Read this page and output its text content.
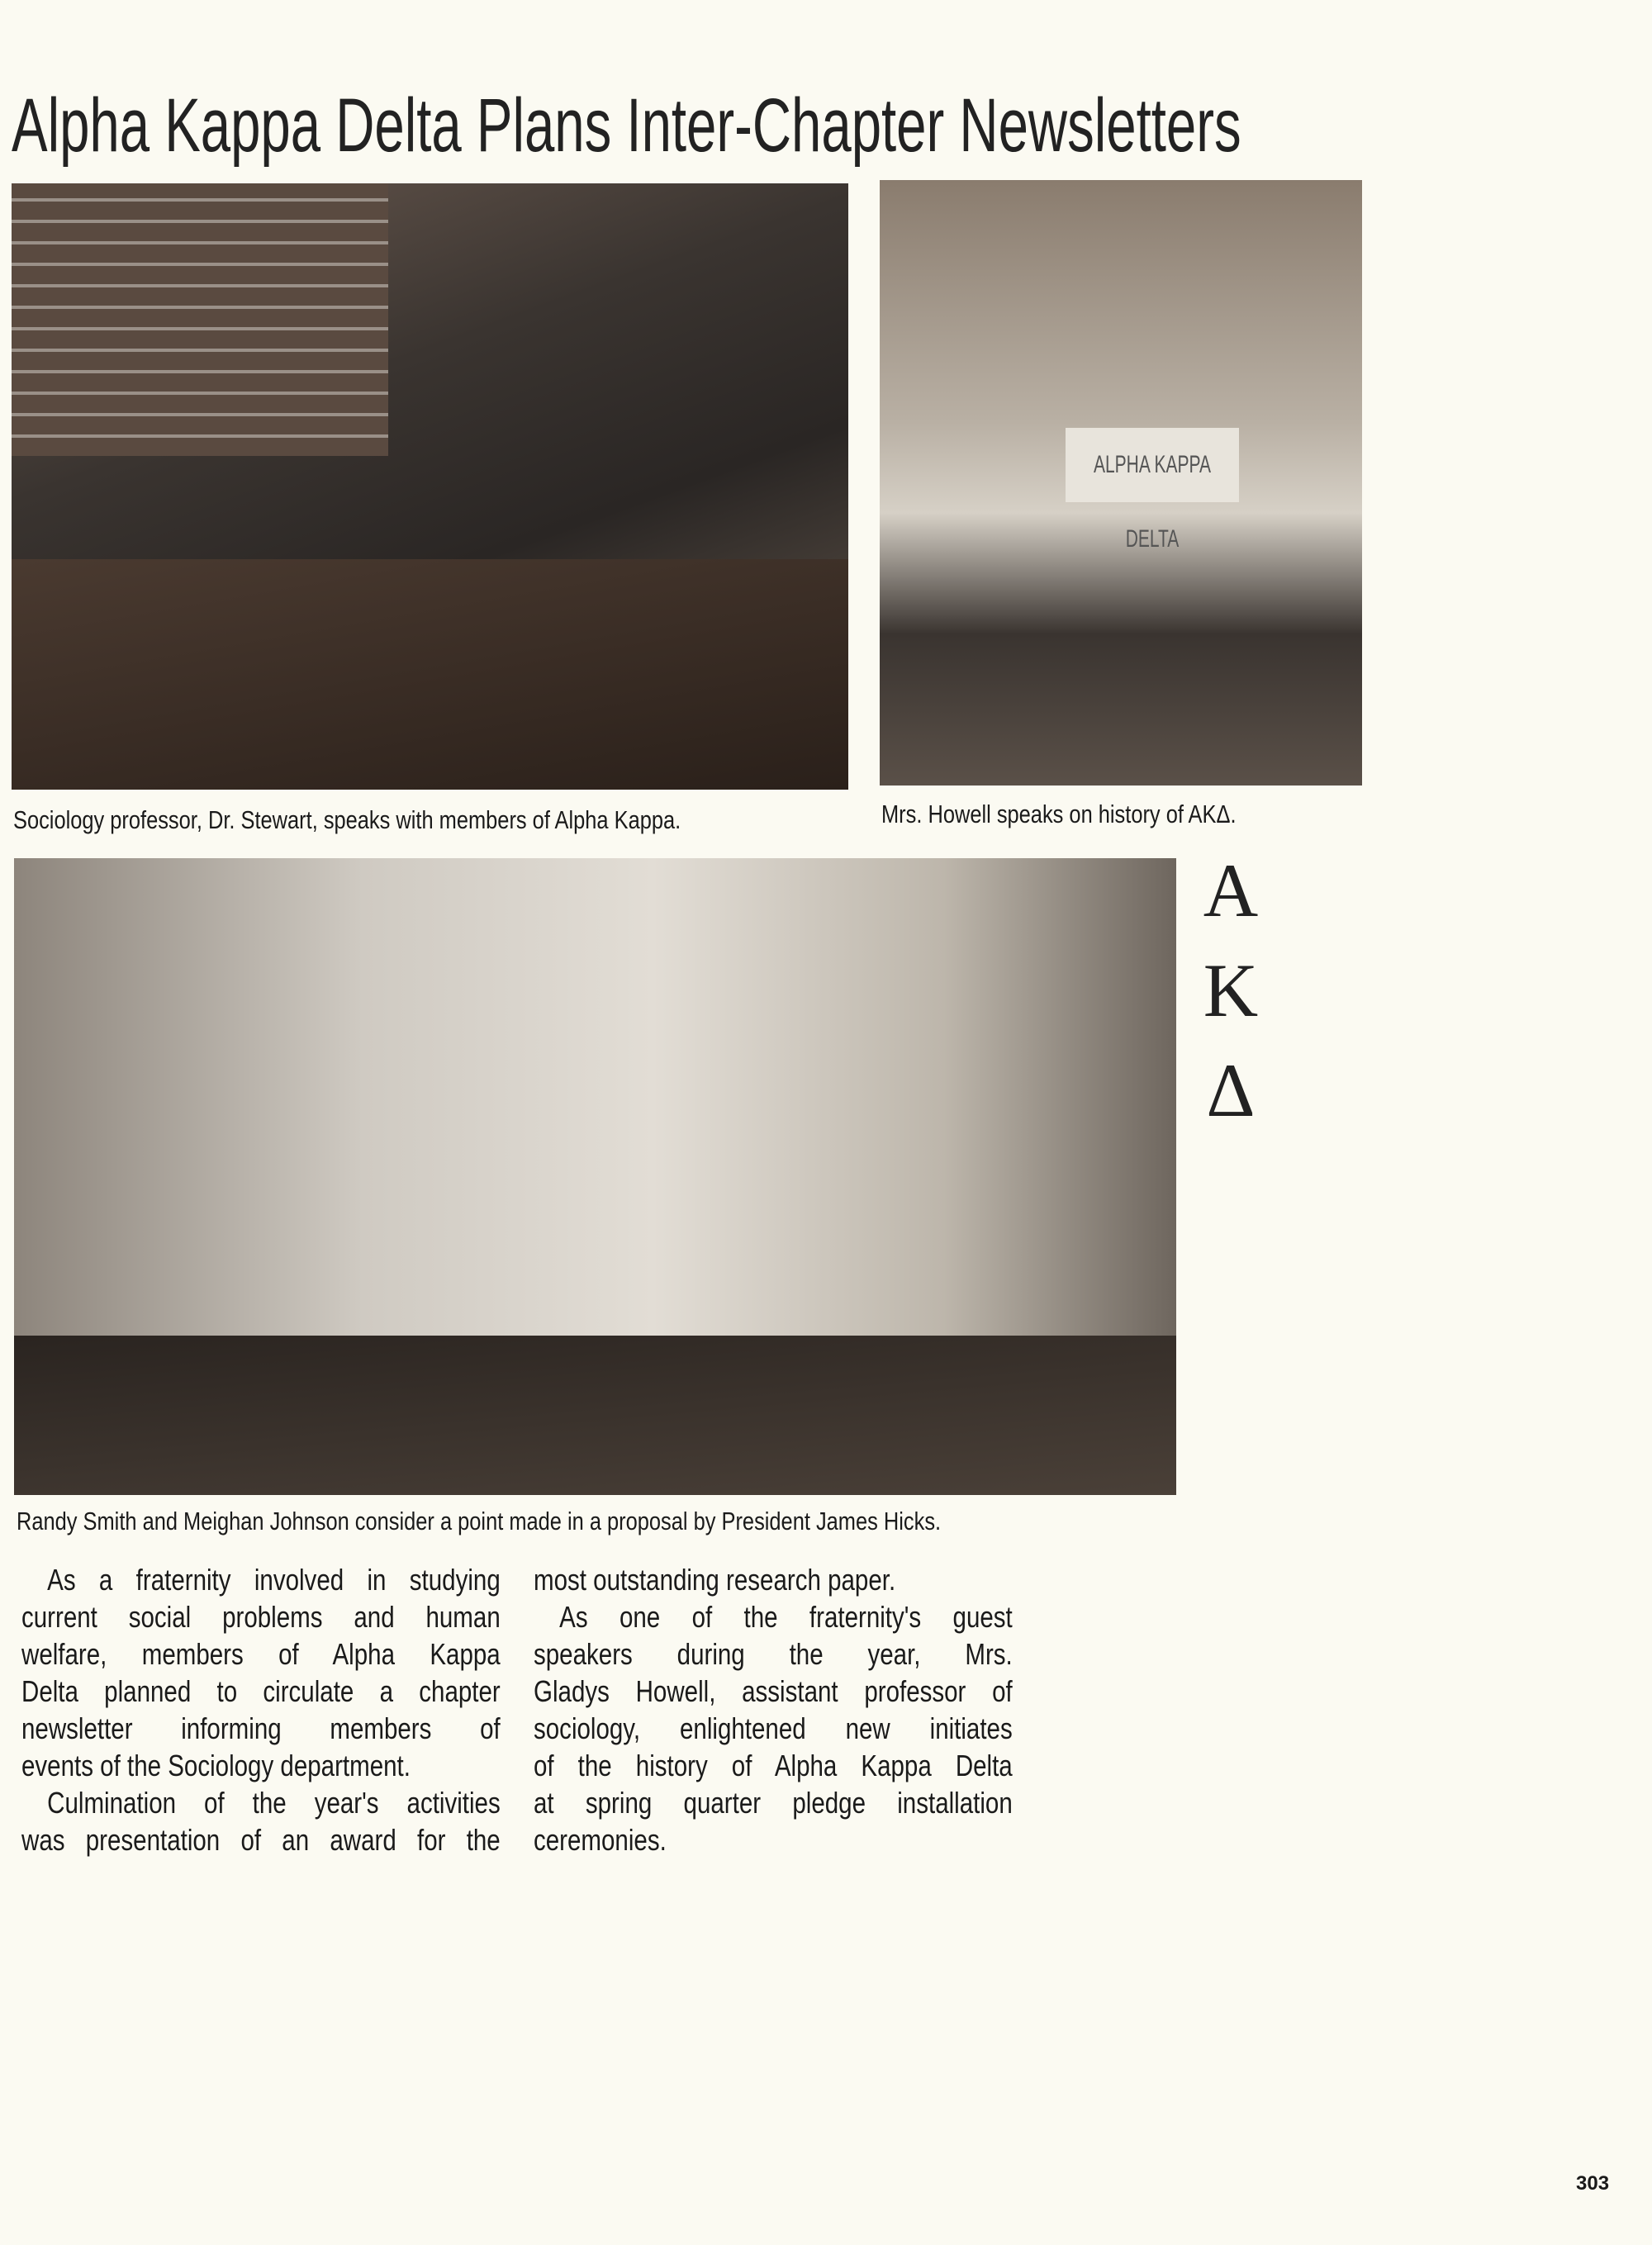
Alpha Kappa Delta Plans Inter-Chapter Newsletters
ALPHA KAPPA DELTA
Sociology professor, Dr. Stewart, speaks with members of Alpha Kappa.	Mrs. Howell speaks on history of AKΔ.
Randy Smith and Meighan Johnson consider a point made in a proposal by President James Hicks.
A
K
Δ
As a fraternity involved in studying
current social problems and human
welfare, members of Alpha Kappa
Delta planned to circulate a chapter
newsletter informing members of
events of the Sociology department.
Culmination of the year's activities
was presentation of an award for the
most outstanding research paper.
As one of the fraternity's guest
speakers during the year, Mrs.
Gladys Howell, assistant professor of
sociology, enlightened new initiates
of the history of Alpha Kappa Delta
at spring quarter pledge installation
ceremonies.
303
